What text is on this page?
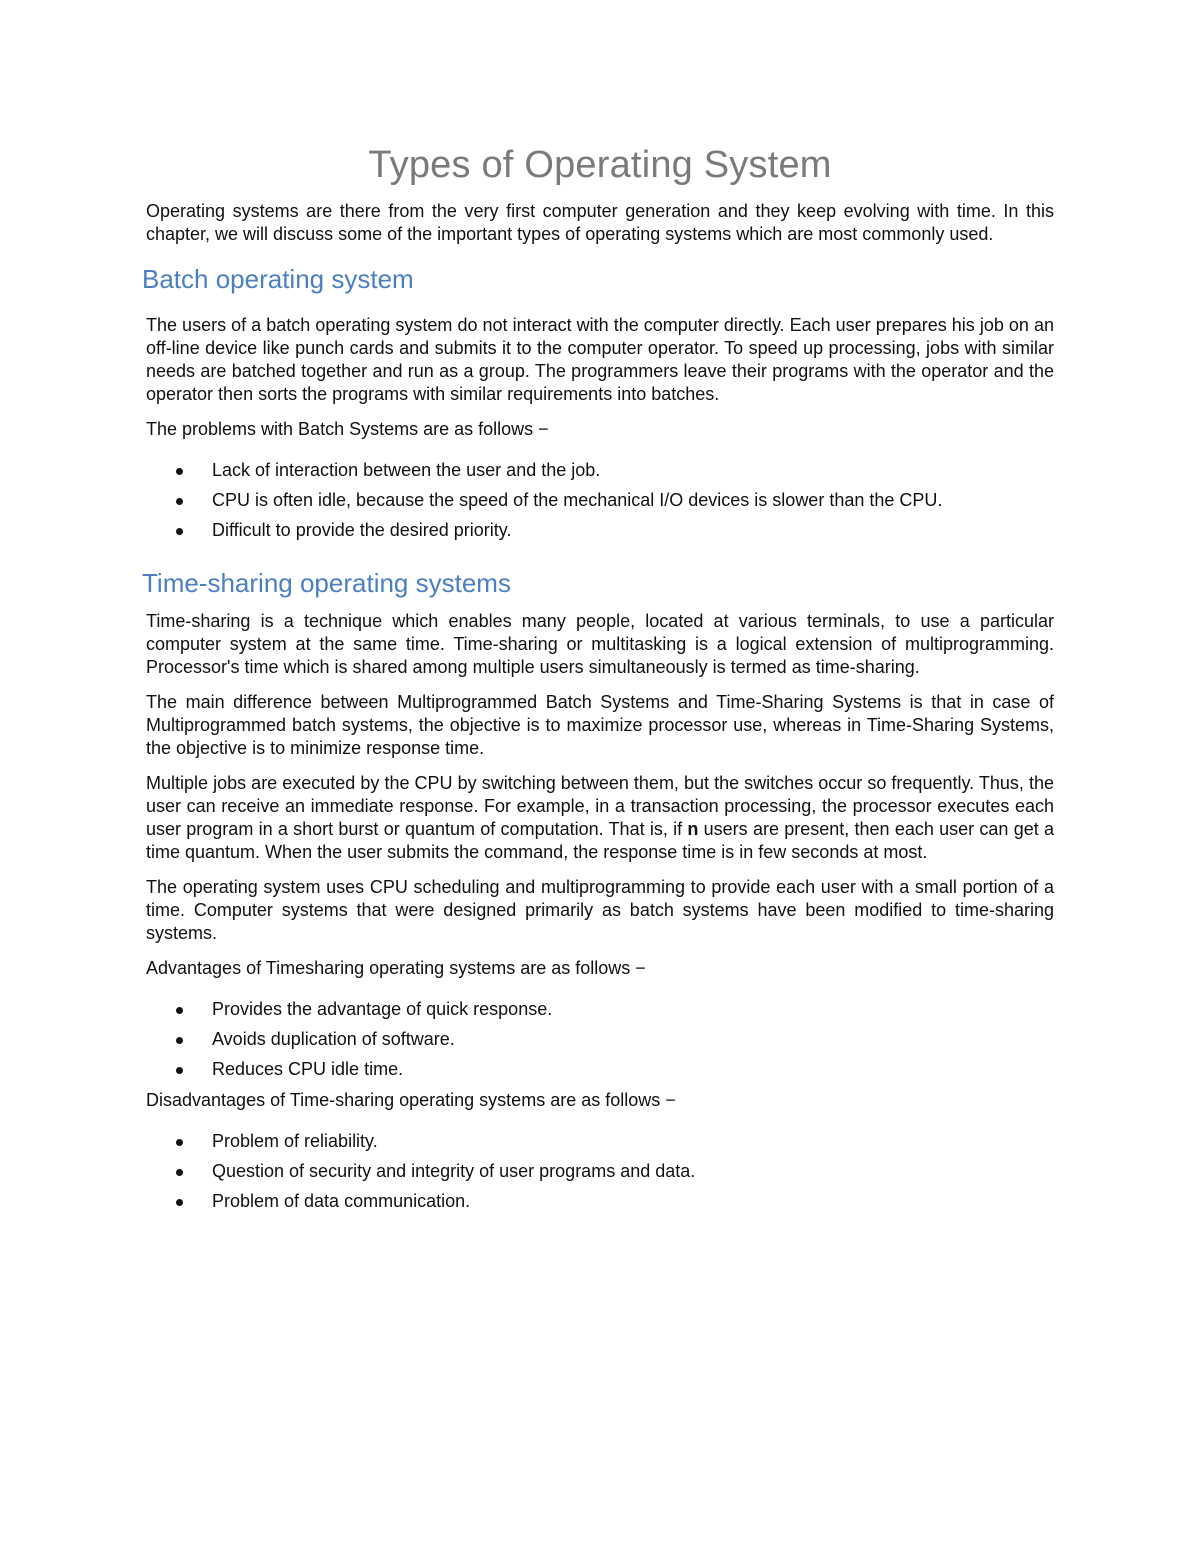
Types of Operating System

Operating systems are there from the very first computer generation and they keep evolving with time. In this chapter, we will discuss some of the important types of operating systems which are most commonly used.

Batch operating system

The users of a batch operating system do not interact with the computer directly. Each user prepares his job on an off-line device like punch cards and submits it to the computer operator. To speed up processing, jobs with similar needs are batched together and run as a group. The programmers leave their programs with the operator and the operator then sorts the programs with similar requirements into batches.

The problems with Batch Systems are as follows −

Lack of interaction between the user and the job.
CPU is often idle, because the speed of the mechanical I/O devices is slower than the CPU.
Difficult to provide the desired priority.
Time-sharing operating systems

Time-sharing is a technique which enables many people, located at various terminals, to use a particular computer system at the same time. Time-sharing or multitasking is a logical extension of multiprogramming. Processor's time which is shared among multiple users simultaneously is termed as time-sharing.

The main difference between Multiprogrammed Batch Systems and Time-Sharing Systems is that in case of Multiprogrammed batch systems, the objective is to maximize processor use, whereas in Time-Sharing Systems, the objective is to minimize response time.

Multiple jobs are executed by the CPU by switching between them, but the switches occur so frequently. Thus, the user can receive an immediate response. For example, in a transaction processing, the processor executes each user program in a short burst or quantum of computation. That is, if n users are present, then each user can get a time quantum. When the user submits the command, the response time is in few seconds at most.

The operating system uses CPU scheduling and multiprogramming to provide each user with a small portion of a time. Computer systems that were designed primarily as batch systems have been modified to time-sharing systems.

Advantages of Timesharing operating systems are as follows −

Provides the advantage of quick response.
Avoids duplication of software.
Reduces CPU idle time.

Disadvantages of Time-sharing operating systems are as follows −

Problem of reliability.
Question of security and integrity of user programs and data.
Problem of data communication.
